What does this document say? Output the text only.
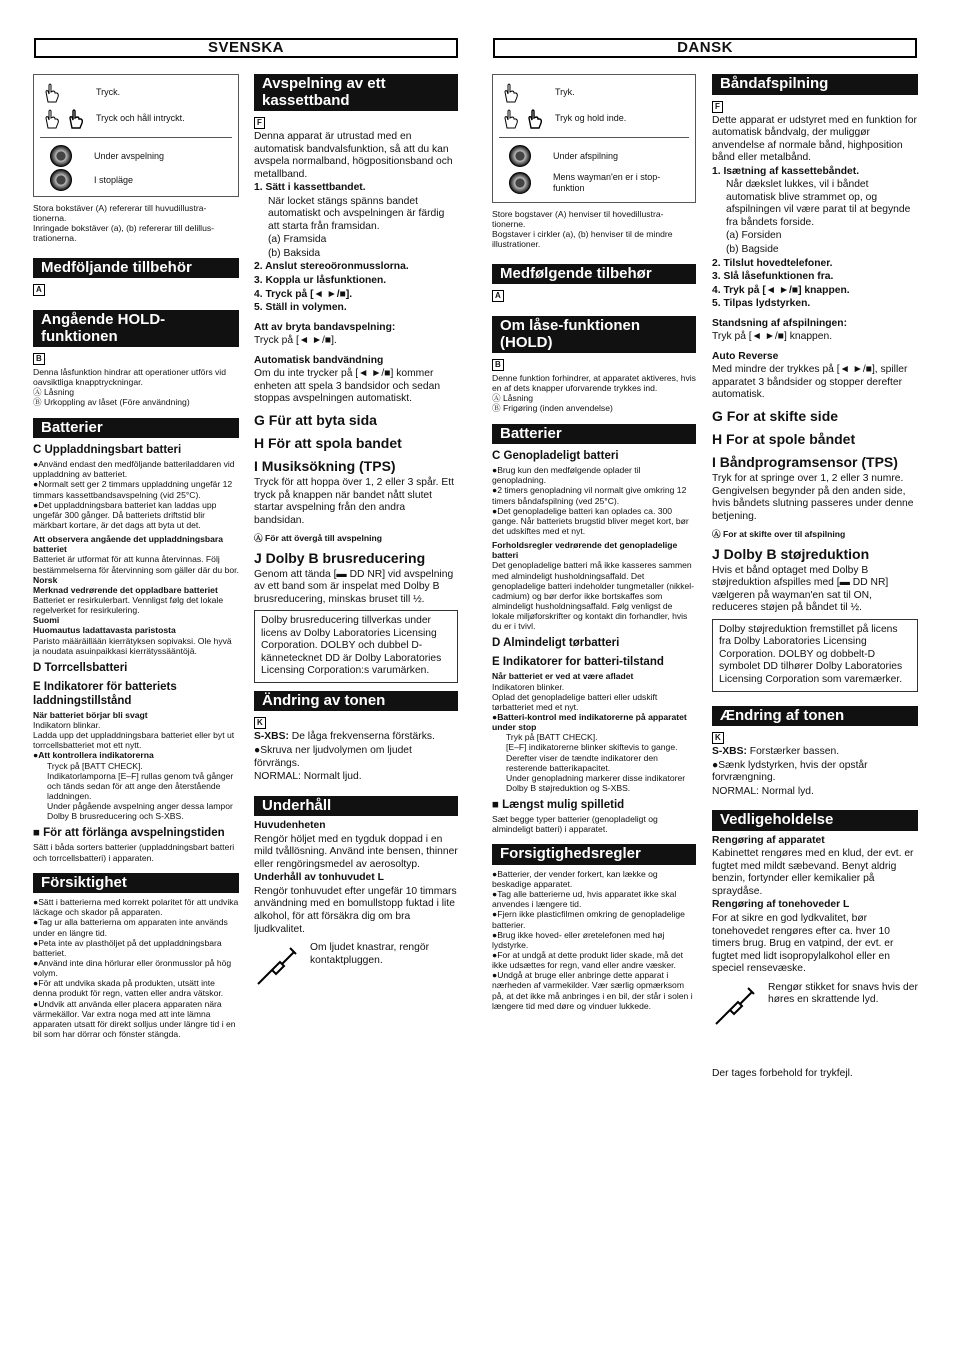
SVENSKA	DANSK
Tryck.
Tryck och håll intryckt.
Under avspelning
I stopläge
Stora bokstäver (A) refererar till huvudillustra-tionerna.
Inringade bokstäver (a), (b) refererar till delillus-trationerna.
Medföljande tillbehör
A
Angående HOLD-funktionen
B
Denna låsfunktion hindrar att operationer utförs vid oavsiktliga knapptryckningar.
Ⓐ Låsning
Ⓑ Urkoppling av låset (Före användning)
Batterier
C Uppladdningsbart batteri
●Använd endast den medföljande batteriladdaren vid uppladdning av batteriet.
●Normalt sett ger 2 timmars uppladdning ungefär 12 timmars kassettbandsavspelning (vid 25°C).
●Det uppladdningsbara batteriet kan laddas upp ungefär 300 gånger. Då batteriets driftstid blir märkbart kortare, är det dags att byta ut det.
Att observera angående det uppladdningsbara batteriet
Batteriet är utformat för att kunna återvinnas. Följ bestämmelserna för återvinning som gäller där du bor.
Norsk
Merknad vedrørende det oppladbare batteriet
Batteriet er resirkulerbart. Vennligst følg det lokale regelverket for resirkulering.
Suomi
Huomautus ladattavasta paristosta
Paristo määräillään kierrätyksen sopivaksi. Ole hyvä ja noudata asuinpaikkasi kierrätyssääntöjä.
D Torrcellsbatteri
E Indikatorer för batteriets laddningstillstånd
När batteriet börjar bli svagt
Indikatorn blinkar.
Ladda upp det uppladdningsbara batteriet eller byt ut torrcellsbatteriet mot ett nytt.
●Att kontrollera indikatorerna
Tryck på [BATT CHECK].
Indikatorlamporna [E–F] rullas genom två gånger och tänds sedan för att ange den återstående laddningen.
Under pågående avspelning anger dessa lampor Dolby B brusreducering och S-XBS.
■ För att förlänga avspelningstiden
Sätt i båda sorters batterier (uppladdningsbart batteri och torrcellsbatteri) i apparaten.
Försiktighet
●Sätt i batterierna med korrekt polaritet för att undvika läckage och skador på apparaten.
●Tag ur alla batterierna om apparaten inte används under en längre tid.
●Peta inte av plasthöljet på det uppladdningsbara batteriet.
●Använd inte dina hörlurar eller öronmusslor på hög volym.
●För att undvika skada på produkten, utsätt inte denna produkt för regn, vatten eller andra vätskor.
●Undvik att använda eller placera apparaten nära värmekällor. Var extra noga med att inte lämna apparaten utsatt för direkt solljus under längre tid i en bil som har dörrar och fönster stängda.
Avspelning av ett kassettband
F

Denna apparat är utrustad med en automatisk bandvalsfunktion, så att du kan avspela normalband, högpositionsband och metallband.

1. Sätt i kassettbandet.

När locket stängs spänns bandet automatiskt och avspelningen är färdig att starta från framsidan.

(a) Framsida

(b) Baksida

2. Anslut stereoöronmusslorna.

3. Koppla ur låsfunktionen.

4. Tryck på [◄ ►/■].

5. Ställ in volymen.

Att av bryta bandavspelning:

Tryck på [◄ ►/■].

Automatisk bandvändning

Om du inte trycker på [◄ ►/■] kommer enheten att spela 3 bandsidor och sedan stoppas avspelningen automatiskt.

G Für att byta sida
H För att spola bandet
I Musiksökning (TPS)

Tryck för att hoppa över 1, 2 eller 3 spår. Ett tryck på knappen när bandet nått slutet startar avspelning från den andra bandsidan.

Ⓐ För att övergå till avspelning

J Dolby B brusreducering

Genom att tända [▬ DD NR] vid avspelning av ett band som är inspelat med Dolby B brusreducering, minskas bruset till ½.

Dolby brusreducering tillverkas under licens av Dolby Laboratories Licensing Corporation. DOLBY och dubbel D-kännetecknet DD är Dolby Laboratories Licensing Corporation:s varumärken.
Ändring av tonen
K

S-XBS: De låga frekvenserna förstärks.

●Skruva ner ljudvolymen om ljudet förvrängs.

NORMAL: Normalt ljud.

Underhåll

Huvudenheten

Rengör höljet med en tygduk doppad i en mild tvållösning. Använd inte bensen, thinner eller rengöringsmedel av aerosoltyp.

Underhåll av tonhuvudet L

Rengör tonhuvudet efter ungefär 10 timmars användning med en bomullstopp fuktad i lite alkohol, för att försäkra dig om bra ljudkvalitet.

Om ljudet knastrar, rengör kontaktpluggen.
Tryk.
Tryk og hold inde.
Under afspilning
Mens wayman'en er i stop-funktion
Store bogstaver (A) henviser til hovedillustra-tionerne.
Bogstaver i cirkler (a), (b) henviser til de mindre illustrationer.
Medfølgende tilbehør
A
Om låse-funktionen (HOLD)
B
Denne funktion forhindrer, at apparatet aktiveres, hvis en af dets knapper uforvarende trykkes ind.
Ⓐ Låsning
Ⓑ Frigøring (inden anvendelse)
Batterier
C Genopladeligt batteri
●Brug kun den medfølgende oplader til genopladning.
●2 timers genopladning vil normalt give omkring 12 timers båndafspilning (ved 25°C).
●Det genopladelige batteri kan oplades ca. 300 gange. Når batteriets brugstid bliver meget kort, bør det udskiftes med et nyt.
Forholdsregler vedrørende det genopladelige batteri
Det genopladelige batteri må ikke kasseres sammen med almindeligt husholdningsaffald. Det genopladelige batteri indeholder tungmetaller (nikkel-cadmium) og bør derfor ikke bortskaffes som almindeligt husholdningsaffald. Følg venligst de lokale miljøforskrifter og kontakt din forhandler, hvis du er i tvivl.
D Almindeligt tørbatteri
E Indikatorer for batteri-tilstand
Når batteriet er ved at være afladet
Indikatoren blinker.
Oplad det genopladelige batteri eller udskift tørbatteriet med et nyt.
●Batteri-kontrol med indikatorerne på apparatet under stop
Tryk på [BATT CHECK].
[E–F] indikatorerne blinker skiftevis to gange. Derefter viser de tændte indikatorer den resterende batterikapacitet.
Under genopladning markerer disse indikatorer Dolby B støjreduktion og S-XBS.
■ Længst mulig spilletid
Sæt begge typer batterier (genopladeligt og almindeligt batteri) i apparatet.
Forsigtighedsregler
●Batterier, der vender forkert, kan lække og beskadige apparatet.
●Tag alle batterierne ud, hvis apparatet ikke skal anvendes i længere tid.
●Fjern ikke plasticfilmen omkring de genopladelige batterier.
●Brug ikke hoved- eller øretelefonen med høj lydstyrke.
●For at undgå at dette produkt lider skade, må det ikke udsættes for regn, vand eller andre væsker.
●Undgå at bruge eller anbringe dette apparat i nærheden af varmekilder. Vær særlig opmærksom på, at det ikke må anbringes i en bil, der står i solen i længere tid med døre og vinduer lukkede.
Båndafspilning
F

Dette apparat er udstyret med en funktion for automatisk båndvalg, der muliggør anvendelse af normale bånd, highposition bånd eller metalbånd.

1. Isætning af kassettebåndet.

Når dækslet lukkes, vil i båndet automatisk blive strammet op, og afspilningen vil være parat til at begynde fra båndets forside.

(a) Forsiden

(b) Bagside

2. Tilslut hovedtelefoner.

3. Slå låsefunktionen fra.

4. Tryk på [◄ ►/■] knappen.

5. Tilpas lydstyrken.

Standsning af afspilningen:

Tryk på [◄ ►/■] knappen.

Auto Reverse

Med mindre der trykkes på [◄ ►/■], spiller apparatet 3 båndsider og stopper derefter automatisk.

G For at skifte side
H For at spole båndet
I Båndprogramsensor (TPS)

Tryk for at springe over 1, 2 eller 3 numre. Gengivelsen begynder på den anden side, hvis båndets slutning passeres under denne betjening.

Ⓐ For at skifte over til afspilning

J Dolby B støjreduktion

Hvis et bånd optaget med Dolby B støjreduktion afspilles med [▬ DD NR] vælgeren på wayman'en sat til ON, reduceres støjen på båndet til ½.

Dolby støjreduktion fremstillet på licens fra Dolby Laboratories Licensing Corporation. DOLBY og dobbelt-D symbolet DD tilhører Dolby Laboratories Licensing Corporation som varemærker.
Ændring af tonen
K

S-XBS: Forstærker bassen.

●Sænk lydstyrken, hvis der opstår forvrængning.

NORMAL: Normal lyd.

Vedligeholdelse

Rengøring af apparatet

Kabinettet rengøres med en klud, der evt. er fugtet med mildt sæbevand. Benyt aldrig benzin, fortynder eller kemikalier på spraydåse.

Rengøring af tonehoveder L

For at sikre en god lydkvalitet, bør tonehovedet rengøres efter ca. hver 10 timers brug. Brug en vatpind, der evt. er fugtet med lidt isopropylalkohol eller en speciel rensevæske.

Rengør stikket for snavs hvis der høres en skrattende lyd.

Der tages forbehold for trykfejl.
